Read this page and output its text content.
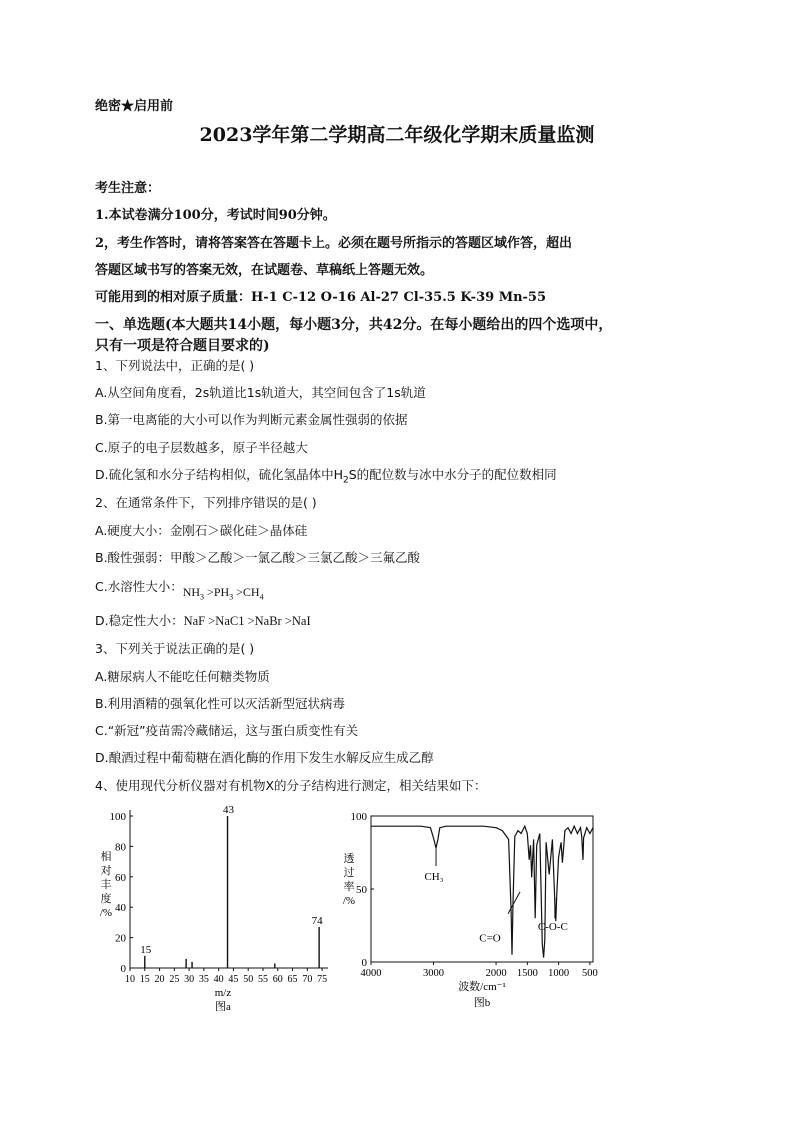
绝密★启用前
2023学年第二学期高二年级化学期末质量监测
考生注意：
1.本试卷满分100分，考试时间90分钟。
2，考生作答时，请将答案答在答题卡上。必须在题号所指示的答题区域作答，超出
答题区域书写的答案无效，在试题卷、草稿纸上答题无效。
可能用到的相对原子质量：H-1 C-12 O-16 Al-27 Cl-35.5 K-39 Mn-55
一、单选题(本大题共14小题，每小题3分，共42分。在每小题给出的四个选项中，
只有一项是符合题目要求的)
1、下列说法中，正确的是( )
A.从空间角度看，2s轨道比1s轨道大，其空间包含了1s轨道
B.第一电离能的大小可以作为判断元素金属性强弱的依据
C.原子的电子层数越多，原子半径越大
D.硫化氢和水分子结构相似，硫化氢晶体中$H_2S$的配位数与冰中水分子的配位数相同
2、在通常条件下，下列排序错误的是( )
A.硬度大小：金刚石＞碳化硅＞晶体硅
B.酸性强弱：甲酸＞乙酸＞一氯乙酸＞三氯乙酸＞三氟乙酸
C.水溶性大小：$NH_3 >PH_3 >CH_4$
D.稳定性大小：NaF >NaC1 >NaBr >NaI
3、下列关于说法正确的是( )
A.糖尿病人不能吃任何糖类物质
B.利用酒精的强氧化性可以灭活新型冠状病毒
C.“新冠”疫苗需冷藏储运，这与蛋白质变性有关
D.酿酒过程中葡萄糖在酒化酶的作用下发生水解反应生成乙醇
4、使用现代分析仪器对有机物X的分子结构进行测定，相关结果如下：
0
20
40
60
80
100
10 15 20 25 30 35 40 45 50 55 60 65 70 75
15
43
74
相
对
丰
度
/%
m/z
图a
0
50
100
4000	3000	2000 1500 1000 500
CH₃
C=O
C-O-C
透
过
率
/%
波数/cm⁻¹
图b
